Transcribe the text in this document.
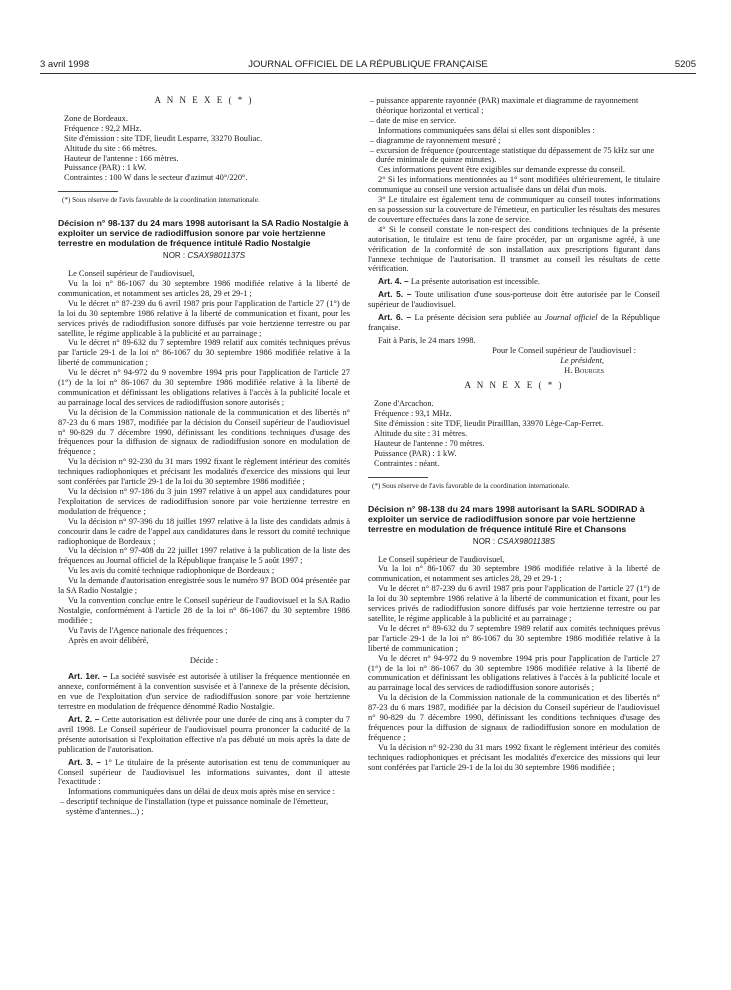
3 avril 1998	JOURNAL OFFICIEL DE LA RÉPUBLIQUE FRANÇAISE	5205
A N N E X E ( * )

Zone de Bordeaux.

Fréquence : 92,2 MHz.

Site d'émission : site TDF, lieudit Lesparre, 33270 Bouliac.

Altitude du site : 66 mètres.

Hauteur de l'antenne : 166 mètres.

Puissance (PAR) : 1 kW.

Contraintes : 100 W dans le secteur d'azimut 40°/220°.

(*) Sous réserve de l'avis favorable de la coordination internationale.

Décision n° 98-137 du 24 mars 1998 autorisant la SA Radio Nostalgie à exploiter un service de radiodiffusion sonore par voie hertzienne terrestre en modulation de fréquence intitulé Radio Nostalgie
NOR : CSAX9801137S

Le Conseil supérieur de l'audiovisuel,

Vu la loi n° 86-1067 du 30 septembre 1986 modifiée relative à la liberté de communication, et notamment ses articles 28, 29 et 29-1 ;

Vu le décret n° 87-239 du 6 avril 1987 pris pour l'application de l'article 27 (1°) de la loi du 30 septembre 1986 relative à la liberté de communication et fixant, pour les services privés de radiodiffusion sonore diffusés par voie hertzienne terrestre ou par satellite, le régime applicable à la publicité et au parrainage ;

Vu le décret n° 89-632 du 7 septembre 1989 relatif aux comités techniques prévus par l'article 29-1 de la loi n° 86-1067 du 30 septembre 1986 modifiée relative à la liberté de communication ;

Vu le décret n° 94-972 du 9 novembre 1994 pris pour l'application de l'article 27 (1°) de la loi n° 86-1067 du 30 septembre 1986 modifiée relative à la liberté de communication et définissant les obligations relatives à l'accès à la publicité locale et au parrainage local des services de radiodiffusion sonore autorisés ;

Vu la décision de la Commission nationale de la communication et des libertés n° 87-23 du 6 mars 1987, modifiée par la décision du Conseil supérieur de l'audiovisuel n° 90-829 du 7 décembre 1990, définissant les conditions techniques d'usage des fréquences pour la diffusion de signaux de radiodiffusion sonore en modulation de fréquence ;

Vu la décision n° 92-230 du 31 mars 1992 fixant le règlement intérieur des comités techniques radiophoniques et précisant les modalités d'exercice des missions qui leur sont conférées par l'article 29-1 de la loi du 30 septembre 1986 modifiée ;

Vu la décision n° 97-186 du 3 juin 1997 relative à un appel aux candidatures pour l'exploitation de services de radiodiffusion sonore par voie hertzienne terrestre en modulation de fréquence ;

Vu la décision n° 97-396 du 18 juillet 1997 relative à la liste des candidats admis à concourir dans le cadre de l'appel aux candidatures dans le ressort du comité technique radiophonique de Bordeaux ;

Vu la décision n° 97-408 du 22 juillet 1997 relative à la publication de la liste des fréquences au Journal officiel de la République française le 5 août 1997 ;

Vu les avis du comité technique radiophonique de Bordeaux ;

Vu la demande d'autorisation enregistrée sous le numéro 97 BOD 004 présentée par la SA Radio Nostalgie ;

Vu la convention conclue entre le Conseil supérieur de l'audiovisuel et la SA Radio Nostalgie, conformément à l'article 28 de la loi n° 86-1067 du 30 septembre 1986 modifiée ;

Vu l'avis de l'Agence nationale des fréquences ;

Après en avoir délibéré,

Décide :

Art. 1er. – La société susvisée est autorisée à utiliser la fréquence mentionnée en annexe, conformément à la convention susvisée et à l'annexe de la présente décision, en vue de l'exploitation d'un service de radiodiffusion sonore par voie hertzienne terrestre en modulation de fréquence dénommé Radio Nostalgie.

Art. 2. – Cette autorisation est délivrée pour une durée de cinq ans à compter du 7 avril 1998. Le Conseil supérieur de l'audiovisuel pourra prononcer la caducité de la présente autorisation si l'exploitation effective n'a pas débuté un mois après la date de publication de l'autorisation.

Art. 3. – 1° Le titulaire de la présente autorisation est tenu de communiquer au Conseil supérieur de l'audiovisuel les informations suivantes, dont il atteste l'exactitude :

Informations communiquées dans un délai de deux mois après mise en service :

– descriptif technique de l'installation (type et puissance nominale de l'émetteur, système d'antennes...) ;

– puissance apparente rayonnée (PAR) maximale et diagramme de rayonnement théorique horizontal et vertical ;

– date de mise en service.

Informations communiquées sans délai si elles sont disponibles :

– diagramme de rayonnement mesuré ;

– excursion de fréquence (pourcentage statistique du dépassement de 75 kHz sur une durée minimale de quinze minutes).

Ces informations peuvent être exigibles sur demande expresse du conseil.

2° Si les informations mentionnées au 1° sont modifiées ultérieurement, le titulaire communique au conseil une version actualisée dans un délai d'un mois.

3° Le titulaire est également tenu de communiquer au conseil toutes informations en sa possession sur la couverture de l'émetteur, en particulier les résultats des mesures de couverture effectuées dans la zone de service.

4° Si le conseil constate le non-respect des conditions techniques de la présente autorisation, le titulaire est tenu de faire procéder, par un organisme agréé, à une vérification de la conformité de son installation aux prescriptions figurant dans l'annexe technique de l'autorisation. Il transmet au conseil les résultats de cette vérification.

Art. 4. – La présente autorisation est incessible.

Art. 5. – Toute utilisation d'une sous-porteuse doit être autorisée par le Conseil supérieur de l'audiovisuel.

Art. 6. – La présente décision sera publiée au Journal officiel de la République française.

Fait à Paris, le 24 mars 1998.

Pour le Conseil supérieur de l'audiovisuel :

Le président,

H. Bourges

A N N E X E ( * )

Zone d'Arcachon.

Fréquence : 93,1 MHz.

Site d'émission : site TDF, lieudit Pirailllan, 33970 Lège-Cap-Ferret.

Altitude du site : 31 mètres.

Hauteur de l'antenne : 70 mètres.

Puissance (PAR) : 1 kW.

Contraintes : néant.

(*) Sous réserve de l'avis favorable de la coordination internationale.

Décision n° 98-138 du 24 mars 1998 autorisant la SARL SODIRAD à exploiter un service de radiodiffusion sonore par voie hertzienne terrestre en modulation de fréquence intitulé Rire et Chansons
NOR : CSAX9801138S

Le Conseil supérieur de l'audiovisuel,

Vu la loi n° 86-1067 du 30 septembre 1986 modifiée relative à la liberté de communication, et notamment ses articles 28, 29 et 29-1 ;

Vu le décret n° 87-239 du 6 avril 1987 pris pour l'application de l'article 27 (1°) de la loi du 30 septembre 1986 relative à la liberté de communication et fixant, pour les services privés de radiodiffusion sonore diffusés par voie hertzienne terrestre ou par satellite, le régime applicable à la publicité et au parrainage ;

Vu le décret n° 89-632 du 7 septembre 1989 relatif aux comités techniques prévus par l'article 29-1 de la loi n° 86-1067 du 30 septembre 1986 modifiée relative à la liberté de communication ;

Vu le décret n° 94-972 du 9 novembre 1994 pris pour l'application de l'article 27 (1°) de la loi n° 86-1067 du 30 septembre 1986 modifiée relative à la liberté de communication et définissant les obligations relatives à l'accès à la publicité locale et au parrainage local des services de radiodiffusion sonore autorisés ;

Vu la décision de la Commission nationale de la communication et des libertés n° 87-23 du 6 mars 1987, modifiée par la décision du Conseil supérieur de l'audiovisuel n° 90-829 du 7 décembre 1990, définissant les conditions techniques d'usage des fréquences pour la diffusion de signaux de radiodiffusion sonore en modulation de fréquence ;

Vu la décision n° 92-230 du 31 mars 1992 fixant le règlement intérieur des comités techniques radiophoniques et précisant les modalités d'exercice des missions qui leur sont conférées par l'article 29-1 de la loi du 30 septembre 1986 modifiée ;
